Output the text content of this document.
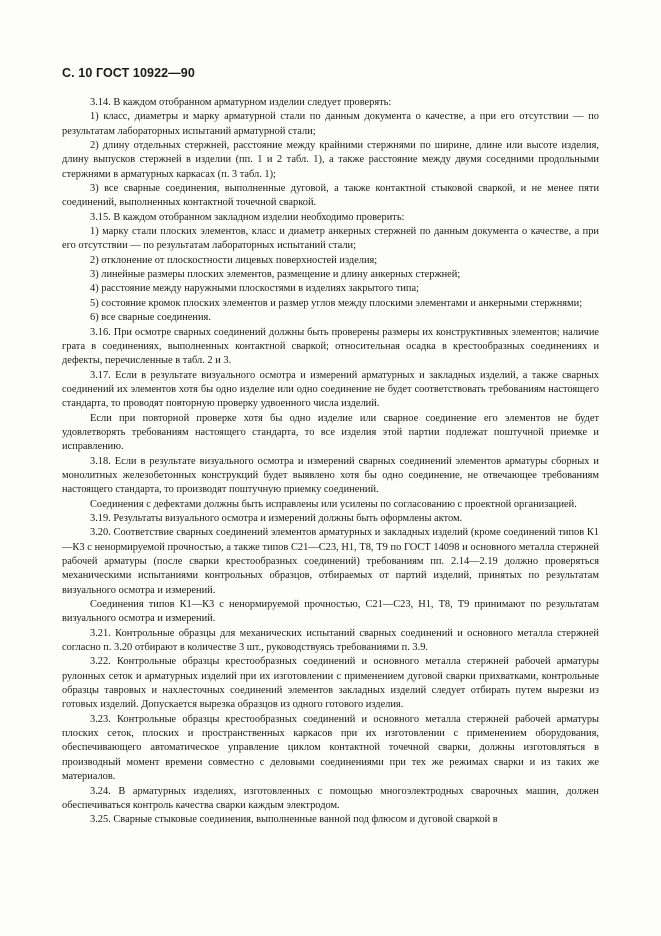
С. 10 ГОСТ 10922—90

3.14. В каждом отобранном арматурном изделии следует проверять:

1) класс, диаметры и марку арматурной стали по данным документа о качестве, а при его отсутствии — по результатам лабораторных испытаний арматурной стали;

2) длину отдельных стержней, расстояние между крайними стержнями по ширине, длине или высоте изделия, длину выпусков стержней в изделии (пп. 1 и 2 табл. 1), а также расстояние между двумя соседними продольными стержнями в арматурных каркасах (п. 3 табл. 1);

3) все сварные соединения, выполненные дуговой, а также контактной стыковой сваркой, и не менее пяти соединений, выполненных контактной точечной сваркой.

3.15. В каждом отобранном закладном изделии необходимо проверить:

1) марку стали плоских элементов, класс и диаметр анкерных стержней по данным документа о качестве, а при его отсутствии — по результатам лабораторных испытаний стали;

2) отклонение от плоскостности лицевых поверхностей изделия;

3) линейные размеры плоских элементов, размещение и длину анкерных стержней;

4) расстояние между наружными плоскостями в изделиях закрытого типа;

5) состояние кромок плоских элементов и размер углов между плоскими элементами и анкерными стержнями;

6) все сварные соединения.

3.16. При осмотре сварных соединений должны быть проверены размеры их конструктивных элементов; наличие грата в соединениях, выполненных контактной сваркой; относительная осадка в крестообразных соединениях и дефекты, перечисленные в табл. 2 и 3.

3.17. Если в результате визуального осмотра и измерений арматурных и закладных изделий, а также сварных соединений их элементов хотя бы одно изделие или одно соединение не будет соответствовать требованиям настоящего стандарта, то проводят повторную проверку удвоенного числа изделий.

Если при повторной проверке хотя бы одно изделие или сварное соединение его элементов не будет удовлетворять требованиям настоящего стандарта, то все изделия этой партии подлежат поштучной приемке и исправлению.

3.18. Если в результате визуального осмотра и измерений сварных соединений элементов арматуры сборных и монолитных железобетонных конструкций будет выявлено хотя бы одно соединение, не отвечающее требованиям настоящего стандарта, то производят поштучную приемку соединений.

Соединения с дефектами должны быть исправлены или усилены по согласованию с проектной организацией.

3.19. Результаты визуального осмотра и измерений должны быть оформлены актом.

3.20. Соответствие сварных соединений элементов арматурных и закладных изделий (кроме соединений типов К1—К3 с ненормируемой прочностью, а также типов С21—С23, Н1, Т8, Т9 по ГОСТ 14098 и основного металла стержней рабочей арматуры (после сварки крестообразных соединений) требованиям пп. 2.14—2.19 должно проверяться механическими испытаниями контрольных образцов, отбираемых от партий изделий, принятых по результатам визуального осмотра и измерений.

Соединения типов К1—К3 с ненормируемой прочностью, С21—С23, Н1, Т8, Т9 принимают по результатам визуального осмотра и измерений.

3.21. Контрольные образцы для механических испытаний сварных соединений и основного металла стержней согласно п. 3.20 отбирают в количестве 3 шт., руководствуясь требованиями п. 3.9.

3.22. Контрольные образцы крестообразных соединений и основного металла стержней рабочей арматуры рулонных сеток и арматурных изделий при их изготовлении с применением дуговой сварки прихватками, контрольные образцы тавровых и нахлесточных соединений элементов закладных изделий следует отбирать путем вырезки из готовых изделий. Допускается вырезка образцов из одного готового изделия.

3.23. Контрольные образцы крестообразных соединений и основного металла стержней рабочей арматуры плоских сеток, плоских и пространственных каркасов при их изготовлении с применением оборудования, обеспечивающего автоматическое управление циклом контактной точечной сварки, должны изготовляться в производный момент времени совместно с деловыми соединениями при тех же режимах сварки и из таких же материалов.

3.24. В арматурных изделиях, изготовленных с помощью многоэлектродных сварочных машин, должен обеспечиваться контроль качества сварки каждым электродом.

3.25. Сварные стыковые соединения, выполненные ванной под флюсом и дуговой сваркой в
